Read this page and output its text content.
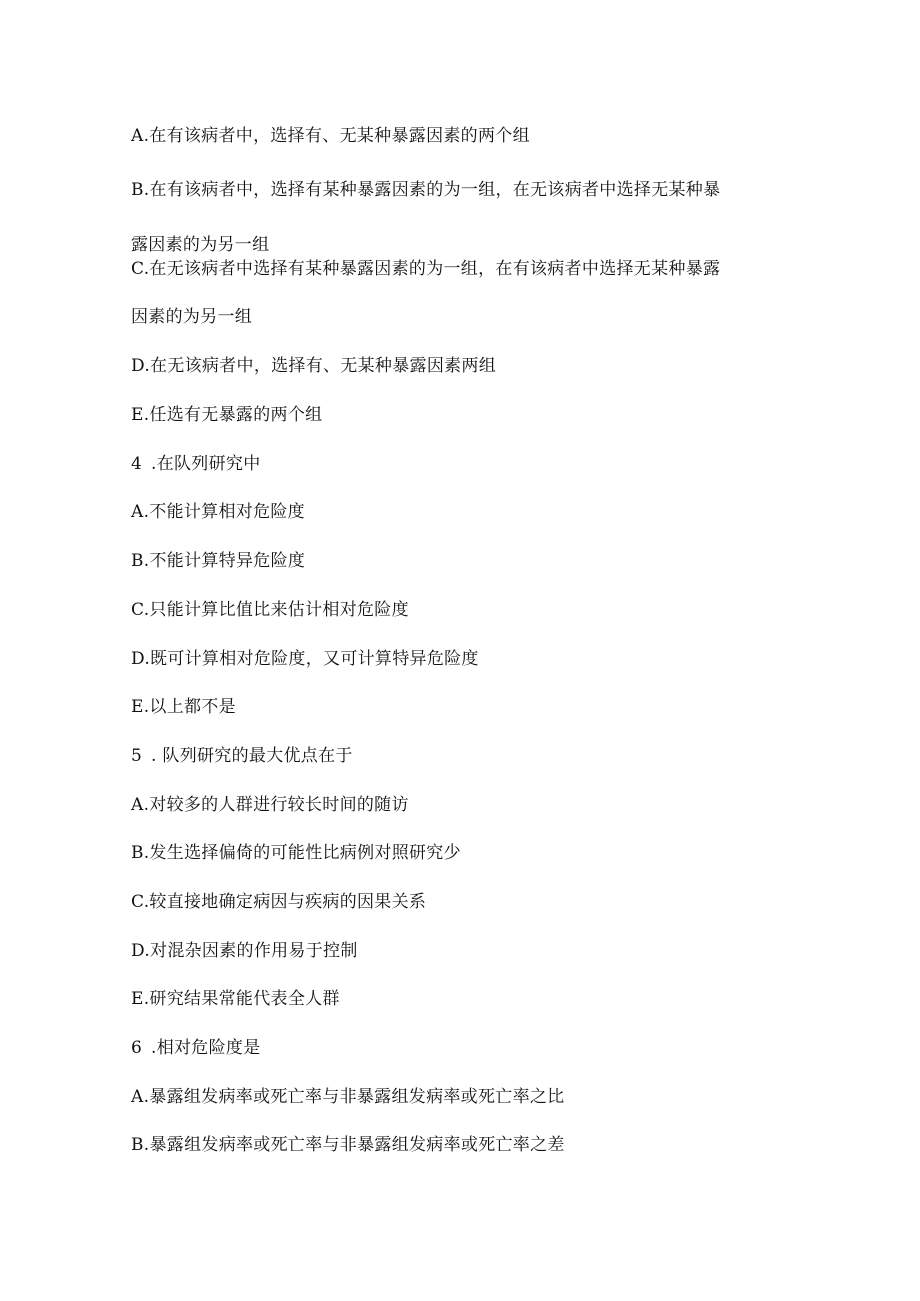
A.在有该病者中，选择有、无某种暴露因素的两个组
B.在有该病者中，选择有某种暴露因素的为一组，在无该病者中选择无某种暴
露因素的为另一组
C.在无该病者中选择有某种暴露因素的为一组，在有该病者中选择无某种暴露
因素的为另一组
D.在无该病者中，选择有、无某种暴露因素两组
E.任选有无暴露的两个组
4 .在队列研究中
A.不能计算相对危险度
B.不能计算特异危险度
C.只能计算比值比来估计相对危险度
D.既可计算相对危险度，又可计算特异危险度
E.以上都不是
5 . 队列研究的最大优点在于
A.对较多的人群进行较长时间的随访
B.发生选择偏倚的可能性比病例对照研究少
C.较直接地确定病因与疾病的因果关系
D.对混杂因素的作用易于控制
E.研究结果常能代表全人群
6 .相对危险度是
A.暴露组发病率或死亡率与非暴露组发病率或死亡率之比
B.暴露组发病率或死亡率与非暴露组发病率或死亡率之差
